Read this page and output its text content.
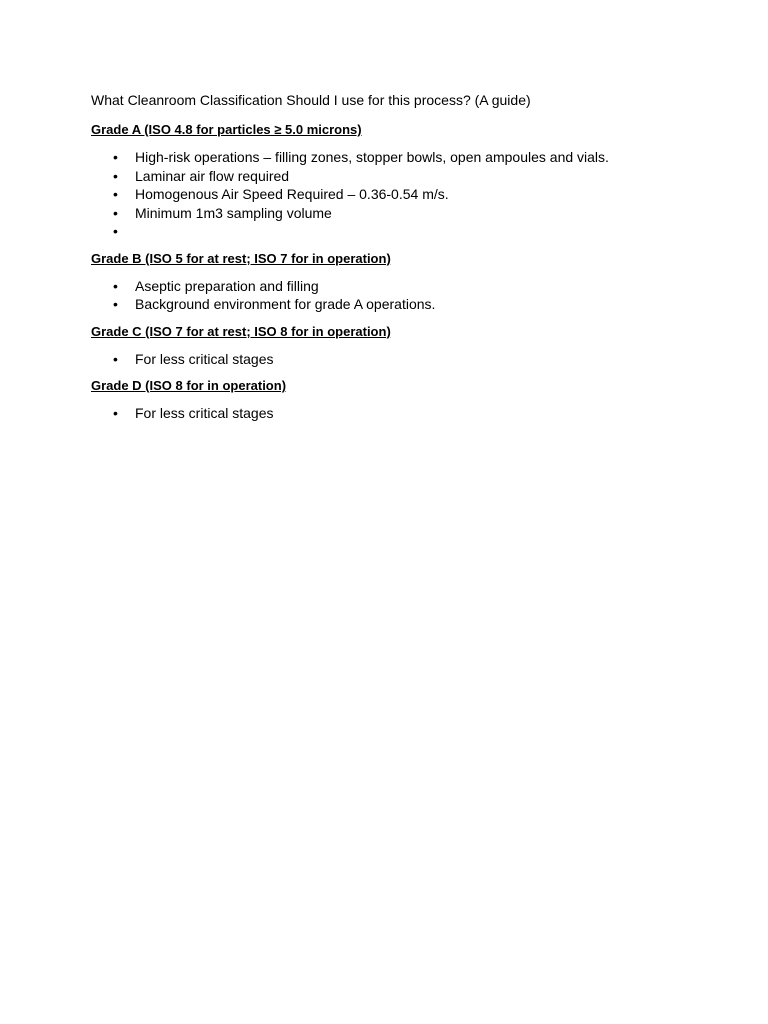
What Cleanroom Classification Should I use for this process? (A guide)

Grade A (ISO 4.8 for particles ≥ 5.0 microns)
• High-risk operations – filling zones, stopper bowls, open ampoules and vials.
• Laminar air flow required
• Homogenous Air Speed Required – 0.36-0.54 m/s.
• Minimum 1m3 sampling volume
•
Grade B (ISO 5 for at rest; ISO 7 for in operation)
• Aseptic preparation and filling
• Background environment for grade A operations.
Grade C (ISO 7 for at rest; ISO 8 for in operation)
• For less critical stages
Grade D (ISO 8 for in operation)
• For less critical stages
